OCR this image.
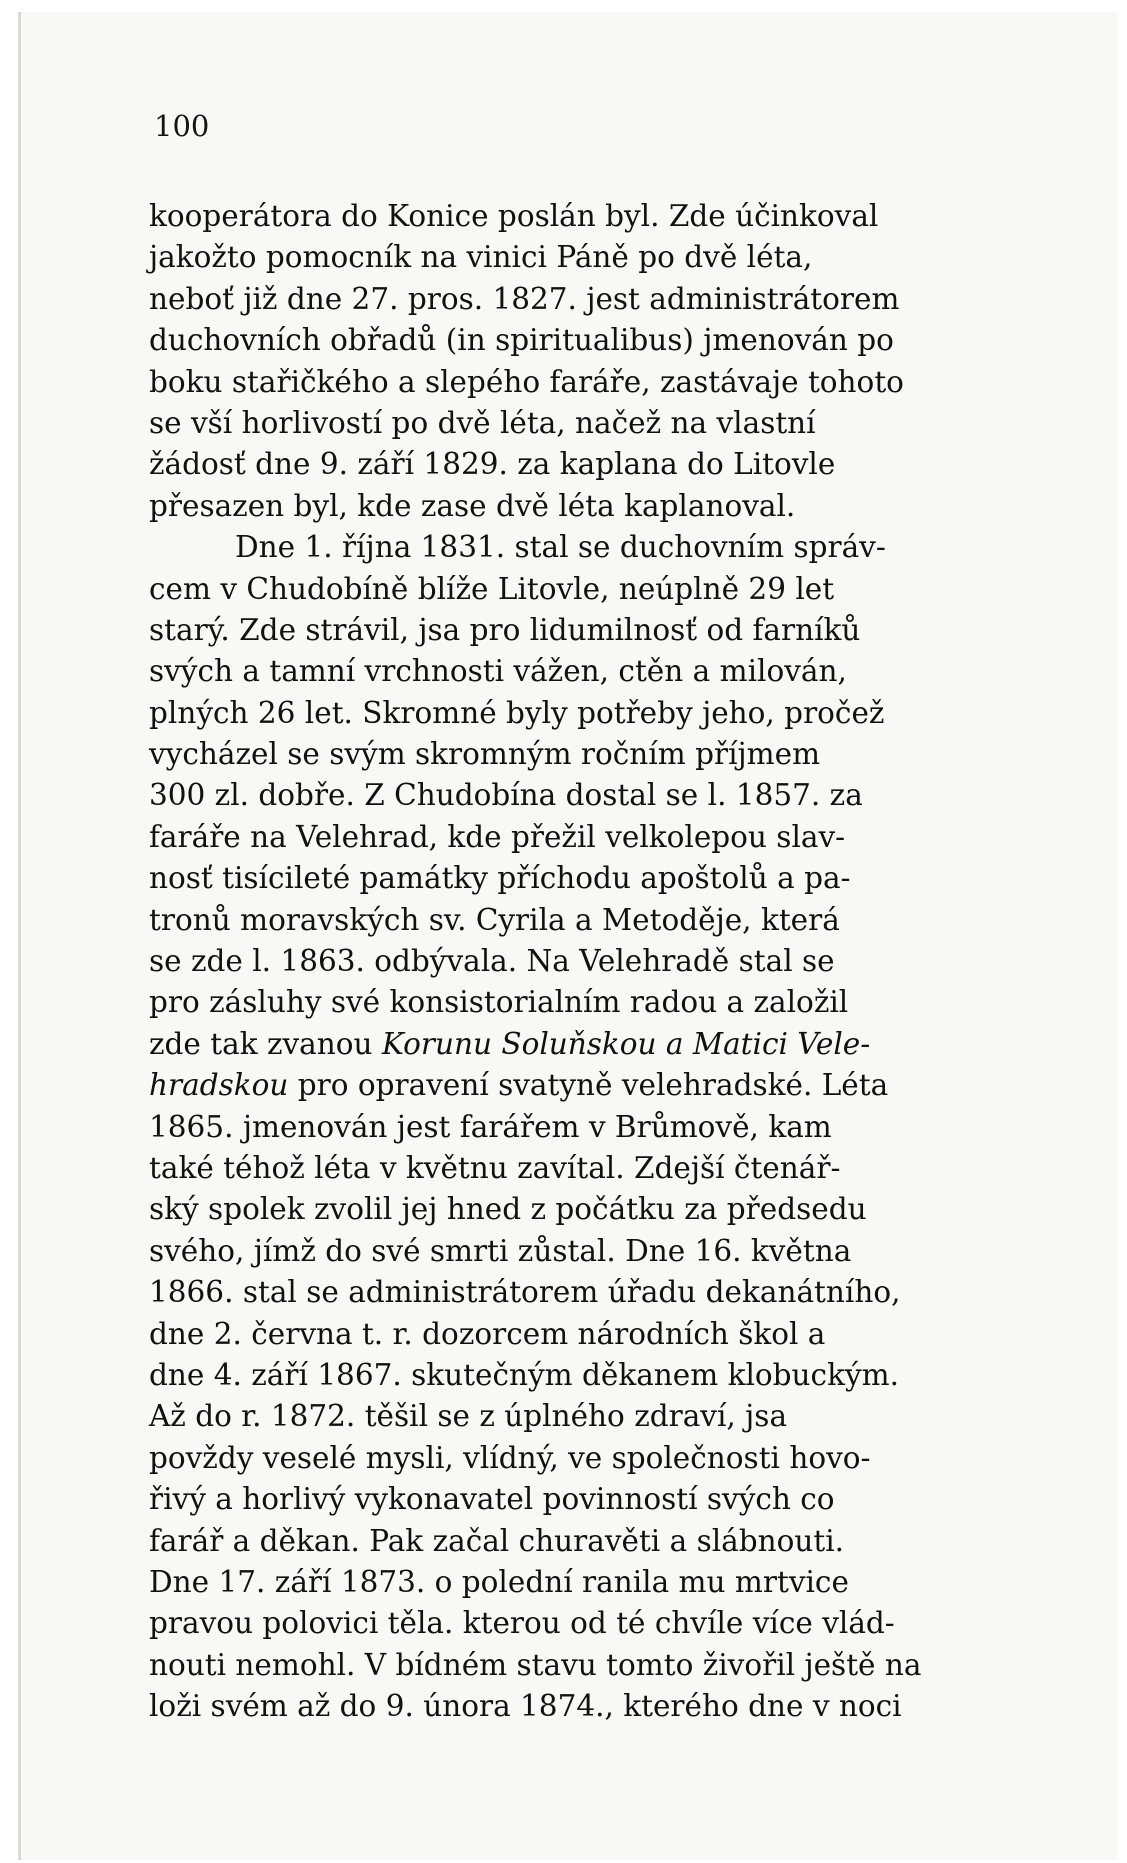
100
kooperátora do Konice poslán byl. Zde účinkoval
jakožto pomocník na vinici Páně po dvě léta,
neboť již dne 27. pros. 1827. jest administrátorem
duchovních obřadů (in spiritualibus) jmenován po
boku stařičkého a slepého faráře, zastávaje tohoto
se vší horlivostí po dvě léta, načež na vlastní
žádosť dne 9. září 1829. za kaplana do Litovle
přesazen byl, kde zase dvě léta kaplanoval.
Dne 1. října 1831. stal se duchovním správ-
cem v Chudobíně blíže Litovle, neúplně 29 let
starý. Zde strávil, jsa pro lidumilnosť od farníků
svých a tamní vrchnosti vážen, ctěn a milován,
plných 26 let. Skromné byly potřeby jeho, pročež
vycházel se svým skromným ročním příjmem
300 zl. dobře. Z Chudobína dostal se l. 1857. za
faráře na Velehrad, kde přežil velkolepou slav-
nosť tisícileté památky příchodu apoštolů a pa-
tronů moravských sv. Cyrila a Metoděje, která
se zde l. 1863. odbývala. Na Velehradě stal se
pro zásluhy své konsistorialním radou a založil
zde tak zvanou Korunu Soluňskou a Matici Vele-
hradskou pro opravení svatyně velehradské. Léta
1865. jmenován jest farářem v Brůmově, kam
také téhož léta v květnu zavítal. Zdejší čtenář-
ský spolek zvolil jej hned z počátku za předsedu
svého, jímž do své smrti zůstal. Dne 16. května
1866. stal se administrátorem úřadu dekanátního,
dne 2. června t. r. dozorcem národních škol a
dne 4. září 1867. skutečným děkanem klobuckým.
Až do r. 1872. těšil se z úplného zdraví, jsa
povždy veselé mysli, vlídný, ve společnosti hovo-
řivý a horlivý vykonavatel povinností svých co
farář a děkan. Pak začal churavěti a slábnouti.
Dne 17. září 1873. o polední ranila mu mrtvice
pravou polovici těla. kterou od té chvíle více vlád-
nouti nemohl. V bídném stavu tomto živořil ještě na
loži svém až do 9. února 1874., kterého dne v noci
